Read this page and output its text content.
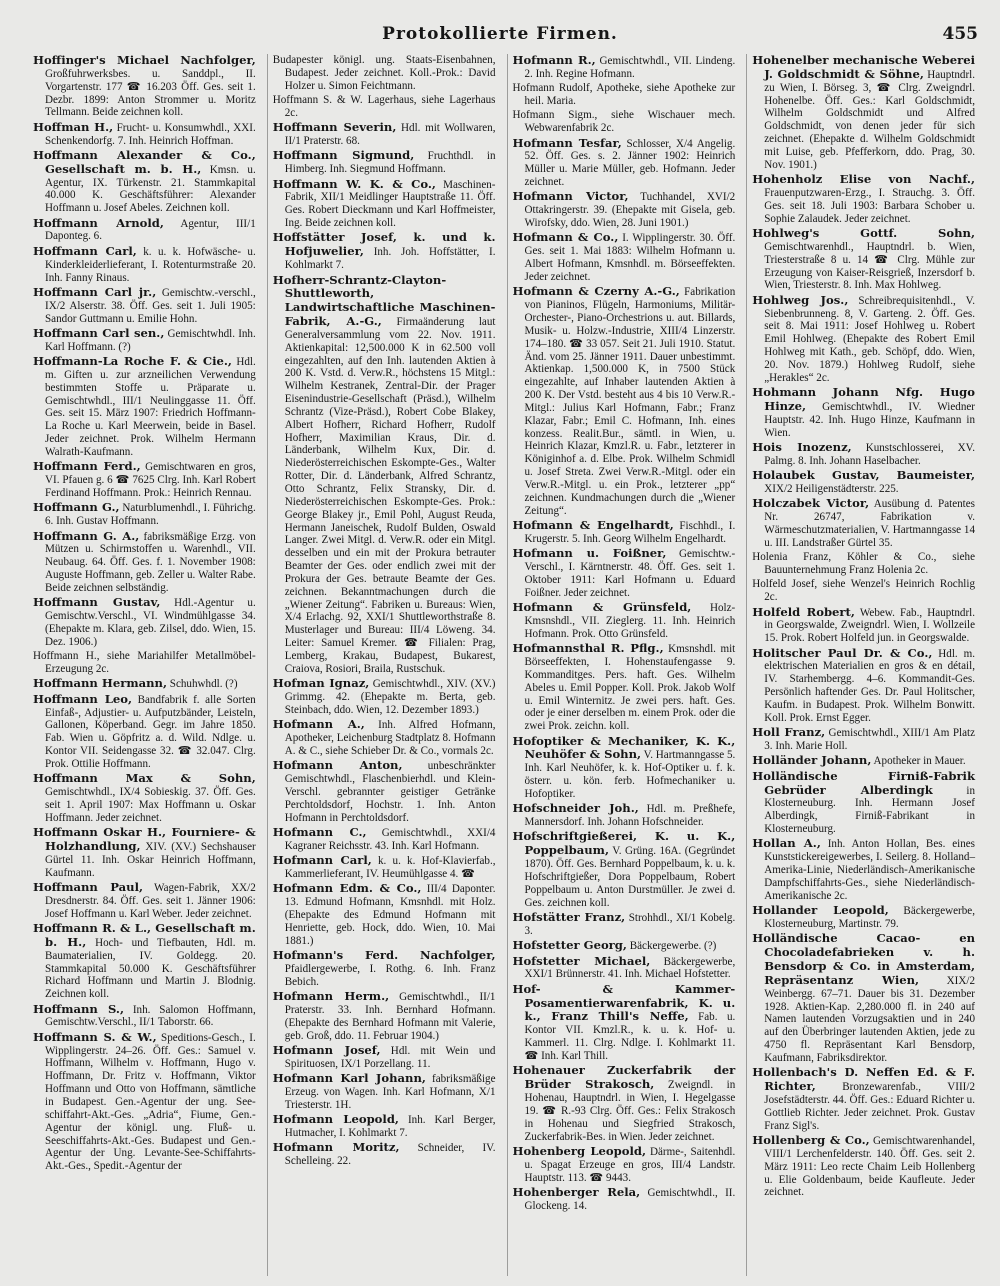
Protokollierte Firmen.	455

Hoffinger's Michael Nachfolger, Großfuhrwerksbes. u. Sanddpl., II. Vorgartenstr. 177 ☎ 16.203 Öff. Ges. seit 1. Dezbr. 1899: Anton Strommer u. Moritz Tellmann. Beide zeichnen koll.

Hoffman H., Frucht- u. Konsumwhdl., XXI. Schenkendorfg. 7. Inh. Heinrich Hoffman.

Hoffmann Alexander & Co., Gesellschaft m. b. H., Kmsn. u. Agentur, IX. Türkenstr. 21. Stammkapital 40.000 K. Geschäftsführer: Alexander Hoffmann u. Josef Abeles. Zeichnen koll.

Hoffmann Arnold, Agentur, III/1 Daponteg. 6.

Hoffmann Carl, k. u. k. Hofwäsche- u. Kinderkleiderlieferant, I. Rotenturmstraße 20. Inh. Fanny Rinaus.

Hoffmann Carl jr., Gemischtw.-verschl., IX/2 Alserstr. 38. Öff. Ges. seit 1. Juli 1905: Sandor Guttmann u. Emilie Hohn.

Hoffmann Carl sen., Gemischtwhdl. Inh. Karl Hoffmann. (?)

Hoffmann-La Roche F. & Cie., Hdl. m. Giften u. zur arzneilichen Verwendung bestimmten Stoffe u. Präparate u. Gemischtwhdl., III/1 Neulinggasse 11. Öff. Ges. seit 15. März 1907: Friedrich Hoffmann-La Roche u. Karl Meerwein, beide in Basel. Jeder zeichnet. Prok. Wilhelm Hermann Walrath-Kaufmann.

Hoffmann Ferd., Gemischtwaren en gros, VI. Pfauen g. 6 ☎ 7625 Clrg. Inh. Karl Robert Ferdinand Hoffmann. Prok.: Heinrich Rennau.

Hoffmann G., Naturblumenhdl., I. Führichg. 6. Inh. Gustav Hoffmann.

Hoffmann G. A., fabriksmäßige Erzg. von Mützen u. Schirmstoffen u. Warenhdl., VII. Neubaug. 64. Öff. Ges. f. 1. November 1908: Auguste Hoffmann, geb. Zeller u. Walter Rabe. Beide zeichnen selbständig.

Hoffmann Gustav, Hdl.-Agentur u. Gemischtw.Verschl., VI. Windmühlgasse 34. (Ehepakte m. Klara, geb. Zilsel, ddo. Wien, 15. Dez. 1906.)

Hoffmann H., siehe Mariahilfer Metallmöbel-Erzeugung 2c.

Hoffmann Hermann, Schuhwhdl. (?)

Hoffmann Leo, Bandfabrik f. alle Sorten Einfaß-, Adjustier- u. Aufputzbänder, Leisteln, Gallonen, Köperband. Gegr. im Jahre 1850. Fab. Wien u. Göpfritz a. d. Wild. Ndlge. u. Kontor VII. Seidengasse 32. ☎ 32.047. Clrg. Prok. Ottilie Hoffmann.

Hoffmann Max & Sohn, Gemischtwhdl., IX/4 Sobieskig. 37. Öff. Ges. seit 1. April 1907: Max Hoffmann u. Oskar Hoffmann. Jeder zeichnet.

Hoffmann Oskar H., Fourniere- & Holzhandlung, XIV. (XV.) Sechshauser Gürtel 11. Inh. Oskar Heinrich Hoffmann, Kaufmann.

Hoffmann Paul, Wagen-Fabrik, XX/2 Dresdnerstr. 84. Öff. Ges. seit 1. Jänner 1906: Josef Hoffmann u. Karl Weber. Jeder zeichnet.

Hoffmann R. & L., Gesellschaft m. b. H., Hoch- und Tiefbauten, Hdl. m. Baumaterialien, IV. Goldegg. 20. Stammkapital 50.000 K. Geschäftsführer Richard Hoffmann und Martin J. Blodnig. Zeichnen koll.

Hoffmann S., Inh. Salomon Hoffmann, Gemischtw.Verschl., II/1 Taborstr. 66.

Hoffmann S. & W., Speditions-Gesch., I. Wipplingerstr. 24–26. Öff. Ges.: Samuel v. Hoffmann, Wilhelm v. Hoffmann, Hugo v. Hoffmann, Dr. Fritz v. Hoffmann, Viktor Hoffmann und Otto von Hoffmann, sämtliche in Budapest. Gen.-Agentur der ung. See-schiffahrt-Akt.-Ges. „Adria“, Fiume, Gen.-Agentur der königl. ung. Fluß- u. Seeschiffahrts-Akt.-Ges. Budapest und Gen.-Agentur der Ung. Levante-See-Schiffahrts-Akt.-Ges., Spedit.-Agentur der

Budapester königl. ung. Staats-Eisenbahnen, Budapest. Jeder zeichnet. Koll.-Prok.: David Holzer u. Simon Feichtmann.

Hoffmann S. & W. Lagerhaus, siehe Lagerhaus 2c.

Hoffmann Severin, Hdl. mit Wollwaren, II/1 Praterstr. 68.

Hoffmann Sigmund, Fruchthdl. in Himberg. Inh. Siegmund Hoffmann.

Hoffmann W. K. & Co., Maschinen-Fabrik, XII/1 Meidlinger Hauptstraße 11. Öff. Ges. Robert Dieckmann und Karl Hoffmeister, Ing. Beide zeichnen koll.

Hoffstätter Josef, k. und k. Hofjuwelier, Inh. Joh. Hoffstätter, I. Kohlmarkt 7.

Hofherr-Schrantz-Clayton-Shuttleworth, Landwirtschaftliche Maschinen-Fabrik, A.-G., Firmaänderung laut Generalversammlung vom 22. Nov. 1911. Aktienkapital: 12,500.000 K in 62.500 voll eingezahlten, auf den Inh. lautenden Aktien à 200 K. Vstd. d. Verw.R., höchstens 15 Mitgl.: Wilhelm Kestranek, Zentral-Dir. der Prager Eisenindustrie-Gesellschaft (Präsd.), Wilhelm Schrantz (Vize-Präsd.), Robert Cobe Blakey, Albert Hofherr, Richard Hofherr, Rudolf Hofherr, Maximilian Kraus, Dir. d. Länderbank, Wilhelm Kux, Dir. d. Niederösterreichischen Eskompte-Ges., Walter Rotter, Dir. d. Länderbank, Alfred Schrantz, Otto Schrantz, Felix Stransky, Dir. d. Niederösterreichischen Eskompte-Ges. Prok.: George Blakey jr., Emil Pohl, August Reuda, Hermann Janeischek, Rudolf Bulden, Oswald Langer. Zwei Mitgl. d. Verw.R. oder ein Mitgl. desselben und ein mit der Prokura betrauter Beamter der Ges. oder endlich zwei mit der Prokura der Ges. betraute Beamte der Ges. zeichnen. Bekanntmachungen durch die „Wiener Zeitung“. Fabriken u. Bureaus: Wien, X/4 Erlachg. 92, XXI/1 Shuttleworthstraße 8. Musterlager und Bureau: III/4 Löweng. 34. Leiter: Samuel Kremer. ☎ Filialen: Prag, Lemberg, Krakau, Budapest, Bukarest, Craiova, Rosiori, Braila, Rustschuk.

Hofman Ignaz, Gemischtwhdl., XIV. (XV.) Grimmg. 42. (Ehepakte m. Berta, geb. Steinbach, ddo. Wien, 12. Dezember 1893.)

Hofmann A., Inh. Alfred Hofmann, Apotheker, Leichenburg Stadtplatz 8. Hofmann A. & C., siehe Schieber Dr. & Co., vormals 2c.

Hofmann Anton, unbeschränkter Gemischtwhdl., Flaschenbierhdl. und Klein-Verschl. gebrannter geistiger Getränke Perchtoldsdorf, Hochstr. 1. Inh. Anton Hofmann in Perchtoldsdorf.

Hofmann C., Gemischtwhdl., XXI/4 Kagraner Reichsstr. 43. Inh. Karl Hofmann.

Hofmann Carl, k. u. k. Hof-Klavierfab., Kammerlieferant, IV. Heumühlgasse 4. ☎

Hofmann Edm. & Co., III/4 Dapontег. 13. Edmund Hofmann, Kmsnhdl. mit Holz. (Ehepakte des Edmund Hofmann mit Henriette, geb. Hock, ddo. Wien, 10. Mai 1881.)

Hofmann's Ferd. Nachfolger, Pfaidlergewerbe, I. Rothg. 6. Inh. Franz Bebich.

Hofmann Herm., Gemischtwhdl., II/1 Praterstr. 33. Inh. Bernhard Hofmann. (Ehepakte des Bernhard Hofmann mit Valerie, geb. Groß, ddo. 11. Februar 1904.)

Hofmann Josef, Hdl. mit Wein und Spirituosen, IX/1 Porzellang. 11.

Hofmann Karl Johann, fabriksmäßige Erzeug. von Wagen. Inh. Karl Hofmann, X/1 Triesterstr. 1H.

Hofmann Leopold, Inh. Karl Berger, Hutmacher, I. Kohlmarkt 7.

Hofmann Moritz, Schneider, IV. Schelleing. 22.

Hofmann R., Gemischtwhdl., VII. Lindeng. 2. Inh. Regine Hofmann.

Hofmann Rudolf, Apotheke, siehe Apotheke zur heil. Maria.

Hofmann Sigm., siehe Wischauer mech. Webwarenfabrik 2c.

Hofmann Tesfar, Schlosser, X/4 Angelig. 52. Öff. Ges. s. 2. Jänner 1902: Heinrich Müller u. Marie Müller, geb. Hofmann. Jeder zeichnet.

Hofmann Victor, Tuchhandel, XVI/2 Ottakringerstr. 39. (Ehepakte mit Gisela, geb. Wirofsky, ddo. Wien, 28. Juni 1901.)

Hofmann & Co., I. Wipplingerstr. 30. Öff. Ges. seit 1. Mai 1883: Wilhelm Hofmann u. Albert Hofmann, Kmsnhdl. m. Börseeffekten. Jeder zeichnet.

Hofmann & Czerny A.-G., Fabrikation von Pianinos, Flügeln, Harmoniums, Militär-Orchester-, Piano-Orchestrions u. aut. Billards, Musik- u. Holzw.-Industrie, XIII/4 Linzerstr. 174–180. ☎ 33 057. Seit 21. Juli 1910. Statut. Änd. vom 25. Jänner 1911. Dauer unbestimmt. Aktienkap. 1,500.000 K, in 7500 Stück eingezahlte, auf Inhaber lautenden Aktien à 200 K. Der Vstd. besteht aus 4 bis 10 Verw.R.-Mitgl.: Julius Karl Hofmann, Fabr.; Franz Klazar, Fabr.; Emil C. Hofmann, Inh. eines konzess. Realit.Bur., sämtl. in Wien, u. Heinrich Klazar, Kmzl.R. u. Fabr., letzterer in Königinhof a. d. Elbe. Prok. Wilhelm Schmidl u. Josef Streta. Zwei Verw.R.-Mitgl. oder ein Verw.R.-Mitgl. u. ein Prok., letzterer „pp“ zeichnen. Kundmachungen durch die „Wiener Zeitung“.

Hofmann & Engelhardt, Fischhdl., I. Krugerstr. 5. Inh. Georg Wilhelm Engelhardt.

Hofmann u. Foißner, Gemischtw.-Verschl., I. Kärntnerstr. 48. Öff. Ges. seit 1. Oktober 1911: Karl Hofmann u. Eduard Foißner. Jeder zeichnet.

Hofmann & Grünsfeld, Holz-Kmsnshdl., VII. Zieglerg. 11. Inh. Heinrich Hofmann. Prok. Otto Grünsfeld.

Hofmannsthal R. Pflg., Kmsnshdl. mit Börseeffekten, I. Hohenstaufengasse 9. Kommanditges. Pers. haft. Ges. Wilhelm Abeles u. Emil Popper. Koll. Prok. Jakob Wolf u. Emil Winternitz. Je zwei pers. haft. Ges. oder je einer derselben m. einem Prok. oder die zwei Prok. zeichn. koll.

Hofoptiker & Mechaniker, K. K., Neuhöfer & Sohn, V. Hartmanngasse 5. Inh. Karl Neuhöfer, k. k. Hof-Optiker u. f. k. österr. u. kön. ferb. Hofmechaniker u. Hofoptiker.

Hofschneider Joh., Hdl. m. Preßhefe, Mannersdorf. Inh. Johann Hofschneider.

Hofschriftgießerei, K. u. K., Poppelbaum, V. Grüng. 16A. (Gegründet 1870). Öff. Ges. Bernhard Poppelbaum, k. u. k. Hofschriftgießer, Dora Poppelbaum, Robert Poppelbaum u. Anton Durstmüller. Je zwei d. Ges. zeichnen koll.

Hofstätter Franz, Strohhdl., XI/1 Kobelg. 3.

Hofstetter Georg, Bäckergewerbe. (?)

Hofstetter Michael, Bäckergewerbe, XXI/1 Brünnerstr. 41. Inh. Michael Hofstetter.

Hof- & Kammer-Posamentierwarenfabrik, K. u. k., Franz Thill's Neffe, Fab. u. Kontor VII. Kmzl.R., k. u. k. Hof- u. Kammerl. 11. Clrg. Ndlge. I. Kohlmarkt 11. ☎ Inh. Karl Thill.

Hohenauer Zuckerfabrik der Brüder Strakosch, Zweigndl. in Hohenau, Hauptndrl. in Wien, I. Hegelgasse 19. ☎ R.-93 Clrg. Öff. Ges.: Felix Strakosch in Hohenau und Siegfried Strakosch, Zuckerfabrik-Bes. in Wien. Jeder zeichnet.

Hohenberg Leopold, Därme-, Saitenhdl. u. Spagat Erzeuge en gros, III/4 Landstr. Hauptstr. 113. ☎ 9443.

Hohenberger Rela, Gemischtwhdl., II. Glockeng. 14.

Hohenelber mechanische Weberei J. Goldschmidt & Söhne, Hauptndrl. zu Wien, I. Börseg. 3, ☎ Clrg. Zweigndrl. Hohenelbe. Öff. Ges.: Karl Goldschmidt, Wilhelm Goldschmidt und Alfred Goldschmidt, von denen jeder für sich zeichnet. (Ehepakte d. Wilhelm Goldschmidt mit Luise, geb. Pfefferkorn, ddo. Prag, 30. Nov. 1901.)

Hohenholz Elise von Nachf., Frauenputzwaren-Erzg., I. Strauchg. 3. Öff. Ges. seit 18. Juli 1903: Barbara Schober u. Sophie Zalaudek. Jeder zeichnet.

Hohlweg's Gottf. Sohn, Gemischtwarenhdl., Hauptndrl. b. Wien, Triesterstraße 8 u. 14 ☎ Clrg. Mühle zur Erzeugung von Kaiser-Reisgrieß, Inzersdorf b. Wien, Triesterstr. 8. Inh. Max Hohlweg.

Hohlweg Jos., Schreibrequisitenhdl., V. Siebenbrunneng. 8, V. Garteng. 2. Öff. Ges. seit 8. Mai 1911: Josef Hohlweg u. Robert Emil Hohlweg. (Ehepakte des Robert Emil Hohlweg mit Kath., geb. Schöpf, ddo. Wien, 20. Nov. 1879.) Hohlweg Rudolf, siehe „Herakles“ 2c.

Hohmann Johann Nfg. Hugo Hinze, Gemischtwhdl., IV. Wiedner Hauptstr. 42. Inh. Hugo Hinze, Kaufmann in Wien.

Hois Inozenz, Kunstschlosserei, XV. Palmg. 8. Inh. Johann Haselbacher.

Holaubek Gustav, Baumeister, XIX/2 Heiligenstädterstr. 225.

Holczabek Victor, Ausübung d. Patentes Nr. 26747, Fabrikation v. Wärmeschutzmaterialien, V. Hartmanngasse 14 u. III. Landstraßer Gürtel 35.

Holenia Franz, Köhler & Co., siehe Bauunternehmung Franz Holenia 2c.

Holfeld Josef, siehe Wenzel's Heinrich Rochlig 2c.

Holfeld Robert, Webew. Fab., Hauptndrl. in Georgswalde, Zweigndrl. Wien, I. Wollzeile 15. Prok. Robert Holfeld jun. in Georgswalde.

Holitscher Paul Dr. & Co., Hdl. m. elektrischen Materialien en gros & en détail, IV. Starhembergg. 4–6. Kommandit-Ges. Persönlich haftender Ges. Dr. Paul Holitscher, Kaufm. in Budapest. Prok. Wilhelm Bonwitt. Koll. Prok. Ernst Egger.

Holl Franz, Gemischtwhdl., XIII/1 Am Platz 3. Inh. Marie Holl.

Holländer Johann, Apotheker in Mauer.

Holländische Firniß-Fabrik Gebrüder Alberdingk in Klosterneuburg. Inh. Hermann Josef Alberdingk, Firniß-Fabrikant in Klosterneuburg.

Hollan A., Inh. Anton Hollan, Bes. eines Kunststickereigewerbes, I. Seilerg. 8. Holland–Amerika-Linie, Niederländisch-Amerikanische Dampfschiffahrts-Ges., siehe Niederländisch-Amerikanische 2c.

Hollander Leopold, Bäckergewerbe, Klosterneuburg, Martinstr. 79.

Holländische Cacao- en Chocoladefabrieken v. h. Bensdorp & Co. in Amsterdam, Repräsentanz Wien, XIX/2 Weinbergg. 67–71. Dauer bis 31. Dezember 1928. Aktien-Kap. 2,280.000 fl. in 240 auf Namen lautenden Vorzugsaktien und in 240 auf den Überbringer lautenden Aktien, jede zu 4750 fl. Repräsentant Karl Bensdorp, Kaufmann, Fabriksdirektor.

Hollenbach's D. Neffen Ed. & F. Richter, Bronzewarenfab., VIII/2 Josefstädterstr. 44. Öff. Ges.: Eduard Richter u. Gottlieb Richter. Jeder zeichnet. Prok. Gustav Franz Sigl's.

Hollenberg & Co., Gemischtwarenhandel, VIII/1 Lerchenfelderstr. 140. Öff. Ges. seit 2. März 1911: Leo recte Chaim Leib Hollenberg u. Elie Goldenbaum, beide Kaufleute. Jeder zeichnet.
